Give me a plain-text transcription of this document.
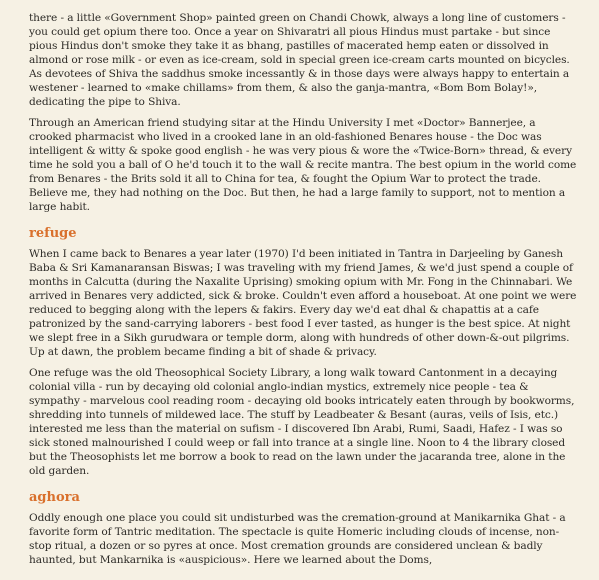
there - a little «Government Shop» painted green on Chandi Chowk, always a long line of customers - you could get opium there too. Once a year on Shivaratri all pious Hindus must partake - but since pious Hindus don't smoke they take it as bhang, pastilles of macerated hemp eaten or dissolved in almond or rose milk - or even as ice-cream, sold in special green ice-cream carts mounted on bicycles. As devotees of Shiva the saddhus smoke incessantly & in those days were always happy to entertain a westener - learned to «make chillams» from them, & also the ganja-mantra, «Bom Bom Bolay!», dedicating the pipe to Shiva.

Through an American friend studying sitar at the Hindu University I met «Doctor» Bannerjee, a crooked pharmacist who lived in a crooked lane in an old-fashioned Benares house - the Doc was intelligent & witty & spoke good english - he was very pious & wore the «Twice-Born» thread, & every time he sold you a ball of O he'd touch it to the wall & recite mantra. The best opium in the world come from Benares - the Brits sold it all to China for tea, & fought the Opium War to protect the trade. Believe me, they had nothing on the Doc. But then, he had a large family to support, not to mention a large habit.

refuge

When I came back to Benares a year later (1970) I'd been initiated in Tantra in Darjeeling by Ganesh Baba & Sri Kamanaransan Biswas; I was traveling with my friend James, & we'd just spend a couple of months in Calcutta (during the Naxalite Uprising) smoking opium with Mr. Fong in the Chinnabari. We arrived in Benares very addicted, sick & broke. Couldn't even afford a houseboat. At one point we were reduced to begging along with the lepers & fakirs. Every day we'd eat dhal & chapattis at a cafe patronized by the sand-carrying laborers - best food I ever tasted, as hunger is the best spice. At night we slept free in a Sikh gurudwara or temple dorm, along with hundreds of other down-&-out pilgrims. Up at dawn, the problem became finding a bit of shade & privacy.

One refuge was the old Theosophical Society Library, a long walk toward Cantonment in a decaying colonial villa - run by decaying old colonial anglo-indian mystics, extremely nice people - tea & sympathy - marvelous cool reading room - decaying old books intricately eaten through by bookworms, shredding into tunnels of mildewed lace. The stuff by Leadbeater & Besant (auras, veils of Isis, etc.) interested me less than the material on sufism - I discovered Ibn Arabi, Rumi, Saadi, Hafez - I was so sick stoned malnourished I could weep or fall into trance at a single line. Noon to 4 the library closed but the Theosophists let me borrow a book to read on the lawn under the jacaranda tree, alone in the old garden.

aghora

Oddly enough one place you could sit undisturbed was the cremation-ground at Manikarnika Ghat - a favorite form of Tantric meditation. The spectacle is quite Homeric including clouds of incense, non-stop ritual, a dozen or so pyres at once. Most cremation grounds are considered unclean & badly haunted, but Mankarnika is «auspicious». Here we learned about the Doms,
